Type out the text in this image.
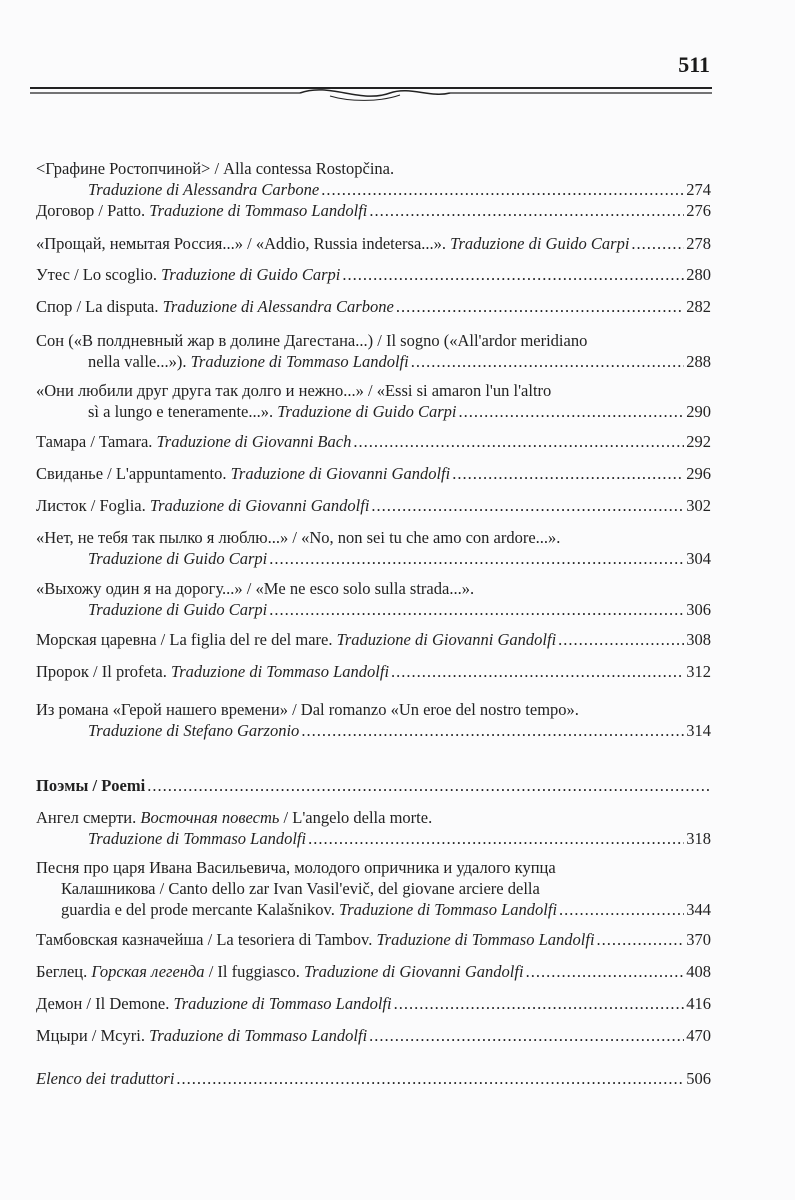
511
<Графине Ростопчиной> / Alla contessa Rostopčina.
Traduzione di Alessandra Carbone .....	274
Договор / Patto. Traduzione di Tommaso Landolfi .....	276
«Прощай, немытая Россия...» / «Addio, Russia indetersa...». Traduzione di Guido Carpi .....	278
Утес / Lo scoglio. Traduzione di Guido Carpi .....	280
Спор / La disputa. Traduzione di Alessandra Carbone .....	282
Сон («В полдневный жар в долине Дагестана...) / Il sogno («All'ardor meridiano
nella valle...»). Traduzione di Tommaso Landolfi .....	288
«Они любили друг друга так долго и нежно...» / «Essi si amaron l'un l'altro
sì a lungo e teneramente...». Traduzione di Guido Carpi .....	290
Тамара / Tamara. Traduzione di Giovanni Bach .....	292
Свиданье / L'appuntamento. Traduzione di Giovanni Gandolfi .....	296
Листок / Foglia. Traduzione di Giovanni Gandolfi .....	302
«Нет, не тебя так пылко я люблю...» / «No, non sei tu che amo con ardore...».
Traduzione di Guido Carpi .....	304
«Выхожу один я на дорогу...» / «Me ne esco solo sulla strada...».
Traduzione di Guido Carpi .....	306
Морская царевна / La figlia del re del mare. Traduzione di Giovanni Gandolfi .....	308
Пророк / Il profeta. Traduzione di Tommaso Landolfi .....	312
Из романа «Герой нашего времени» / Dal romanzo «Un eroe del nostro tempo».
Traduzione di Stefano Garzonio .....	314
Поэмы / Poemi
.....
Ангел смерти. Восточная повесть / L'angelo della morte.
Traduzione di Tommaso Landolfi .....	318
Песня про царя Ивана Васильевича, молодого опричника и удалого купца
Калашникова / Canto dello zar Ivan Vasil'evič, del giovane arciere della
guardia e del prode mercante Kalašnikov. Traduzione di Tommaso Landolfi .....	344
Тамбовская казначейша / La tesoriera di Tambov. Traduzione di Tommaso Landolfi .....	370
Беглец. Горская легенда / Il fuggiasco. Traduzione di Giovanni Gandolfi .....	408
Демон / Il Demone. Traduzione di Tommaso Landolfi .....	416
Мцыри / Mcyri. Traduzione di Tommaso Landolfi .....	470
Elenco dei traduttori .....	506
